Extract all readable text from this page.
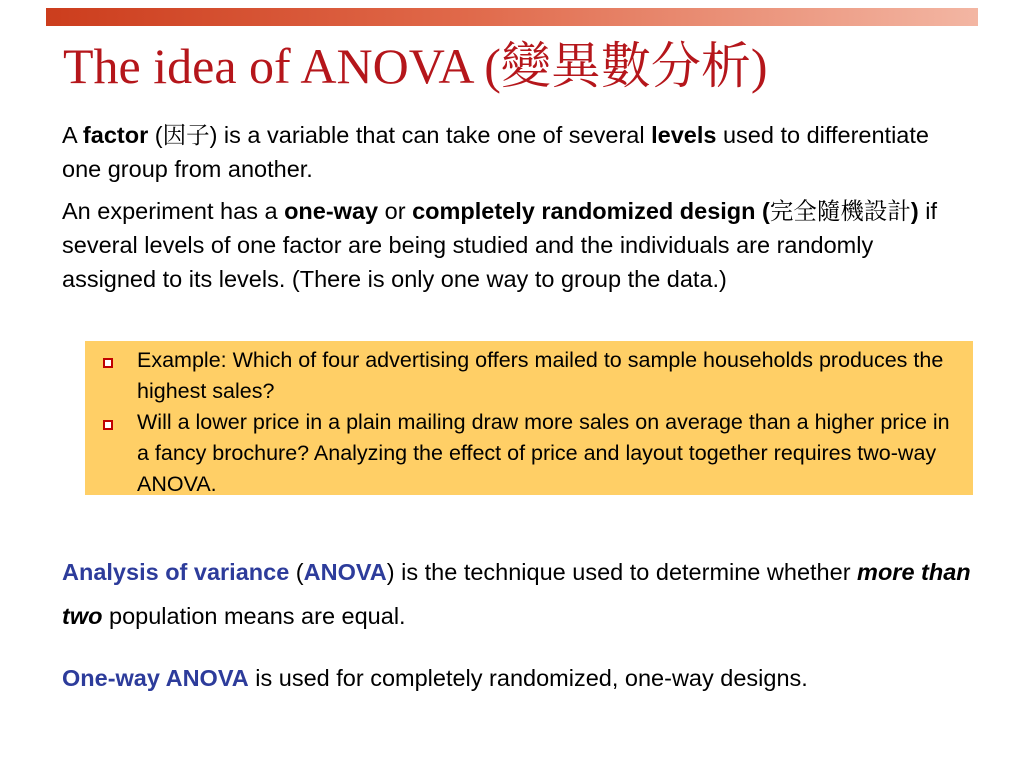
The idea of ANOVA (變異數分析)

A factor (因子) is a variable that can take one of several levels used to differentiate one group from another.

An experiment has a one-way or completely randomized design (完全隨機設計) if several levels of one factor are being studied and the individuals are randomly assigned to its levels. (There is only one way to group the data.)

Example: Which of four advertising offers mailed to sample households produces the highest sales?
Will a lower price in a plain mailing draw more sales on average than a higher price in a fancy brochure? Analyzing the effect of price and layout together requires two-way ANOVA.

Analysis of variance (ANOVA) is the technique used to determine whether more than two population means are equal.

One-way ANOVA is used for completely randomized, one-way designs.
